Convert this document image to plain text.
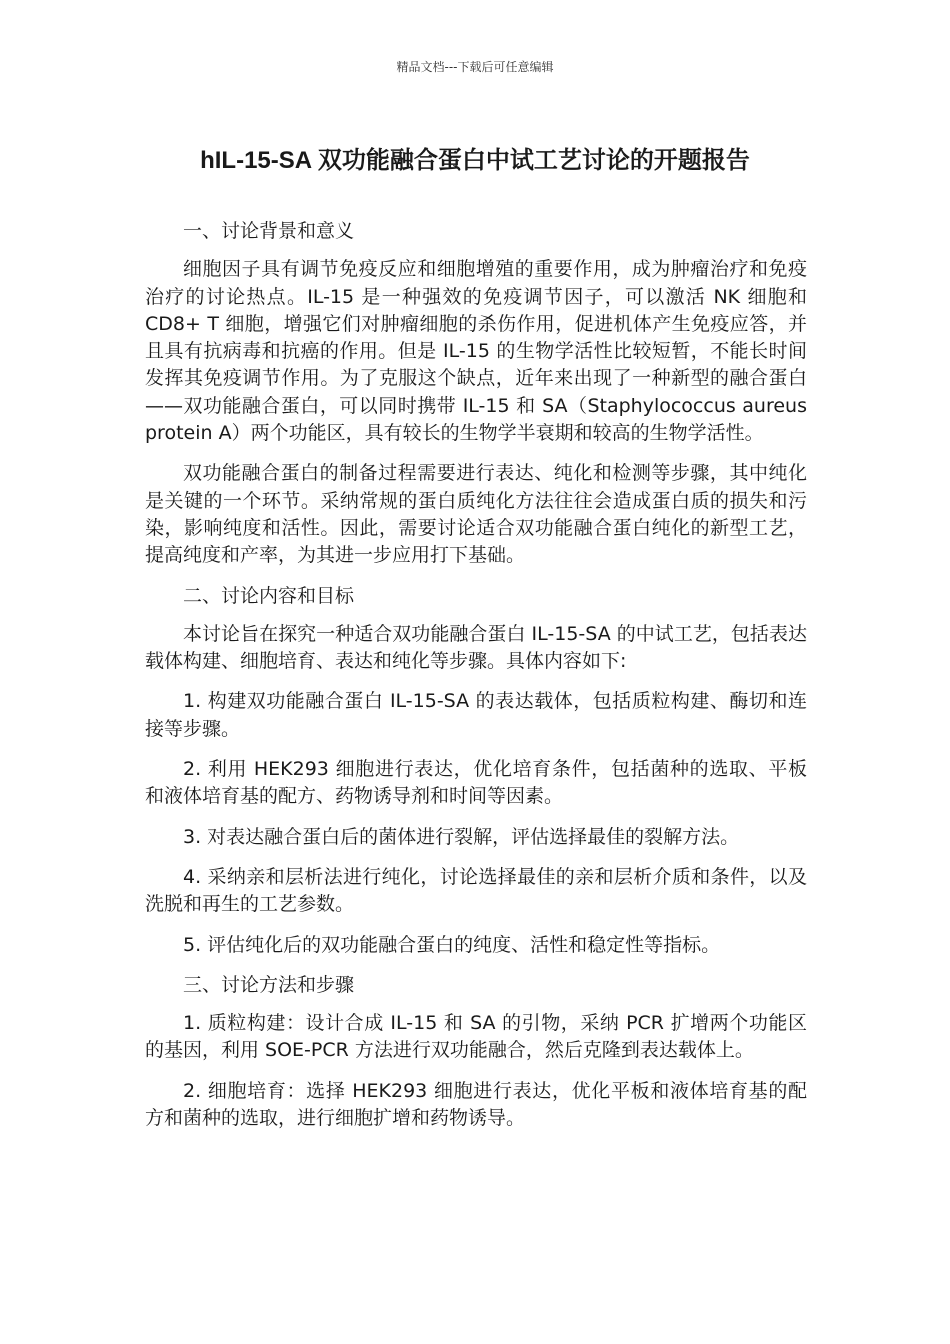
精品文档---下载后可任意编辑
hIL-15-SA 双功能融合蛋白中试工艺讨论的开题报告

一、讨论背景和意义

细胞因子具有调节免疫反应和细胞增殖的重要作用，成为肿瘤治疗和免疫治疗的讨论热点。IL-15 是一种强效的免疫调节因子，可以激活 NK 细胞和 CD8+ T 细胞，增强它们对肿瘤细胞的杀伤作用，促进机体产生免疫应答，并且具有抗病毒和抗癌的作用。但是 IL-15 的生物学活性比较短暂，不能长时间发挥其免疫调节作用。为了克服这个缺点，近年来出现了一种新型的融合蛋白——双功能融合蛋白，可以同时携带 IL-15 和 SA（Staphylococcus aureus protein A）两个功能区，具有较长的生物学半衰期和较高的生物学活性。

双功能融合蛋白的制备过程需要进行表达、纯化和检测等步骤，其中纯化是关键的一个环节。采纳常规的蛋白质纯化方法往往会造成蛋白质的损失和污染，影响纯度和活性。因此，需要讨论适合双功能融合蛋白纯化的新型工艺，提高纯度和产率，为其进一步应用打下基础。

二、讨论内容和目标

本讨论旨在探究一种适合双功能融合蛋白 IL-15-SA 的中试工艺，包括表达载体构建、细胞培育、表达和纯化等步骤。具体内容如下:

1. 构建双功能融合蛋白 IL-15-SA 的表达载体，包括质粒构建、酶切和连接等步骤。

2. 利用 HEK293 细胞进行表达，优化培育条件，包括菌种的选取、平板和液体培育基的配方、药物诱导剂和时间等因素。

3. 对表达融合蛋白后的菌体进行裂解，评估选择最佳的裂解方法。

4. 采纳亲和层析法进行纯化，讨论选择最佳的亲和层析介质和条件，以及洗脱和再生的工艺参数。

5. 评估纯化后的双功能融合蛋白的纯度、活性和稳定性等指标。

三、讨论方法和步骤

1. 质粒构建：设计合成 IL-15 和 SA 的引物，采纳 PCR 扩增两个功能区的基因，利用 SOE-PCR 方法进行双功能融合，然后克隆到表达载体上。

2. 细胞培育：选择 HEK293 细胞进行表达，优化平板和液体培育基的配方和菌种的选取，进行细胞扩增和药物诱导。
